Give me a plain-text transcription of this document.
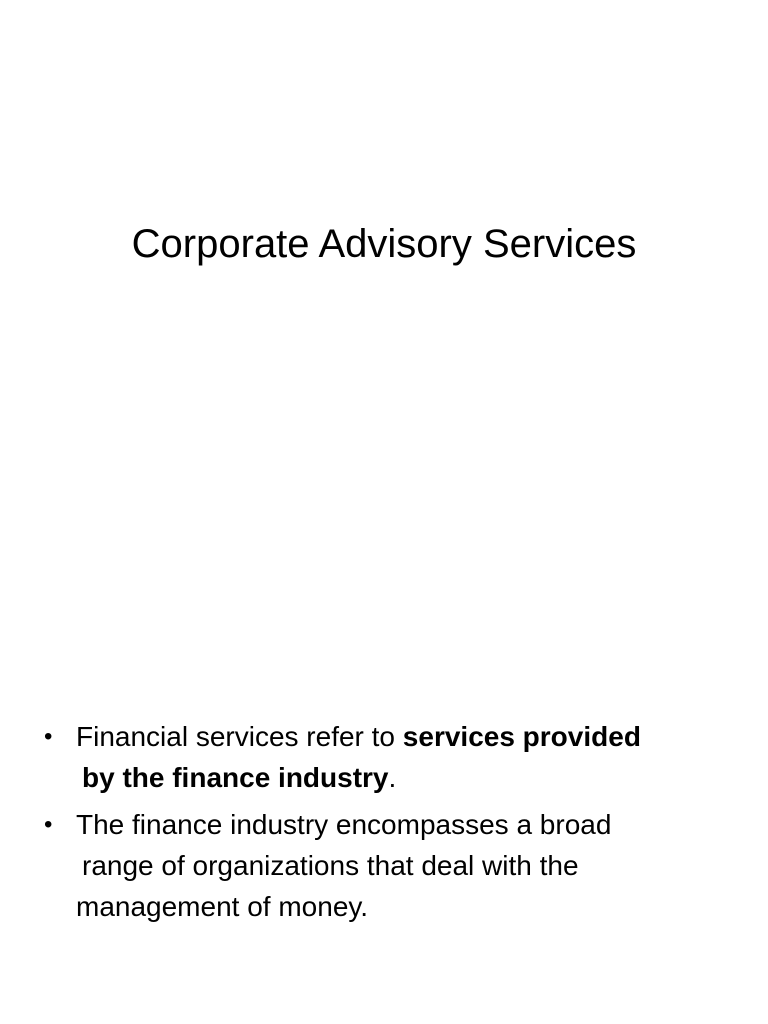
Corporate Advisory Services
• Financial services refer to services provided
by the finance industry.
• The finance industry encompasses a broad
range of organizations that deal with the
management of money.
